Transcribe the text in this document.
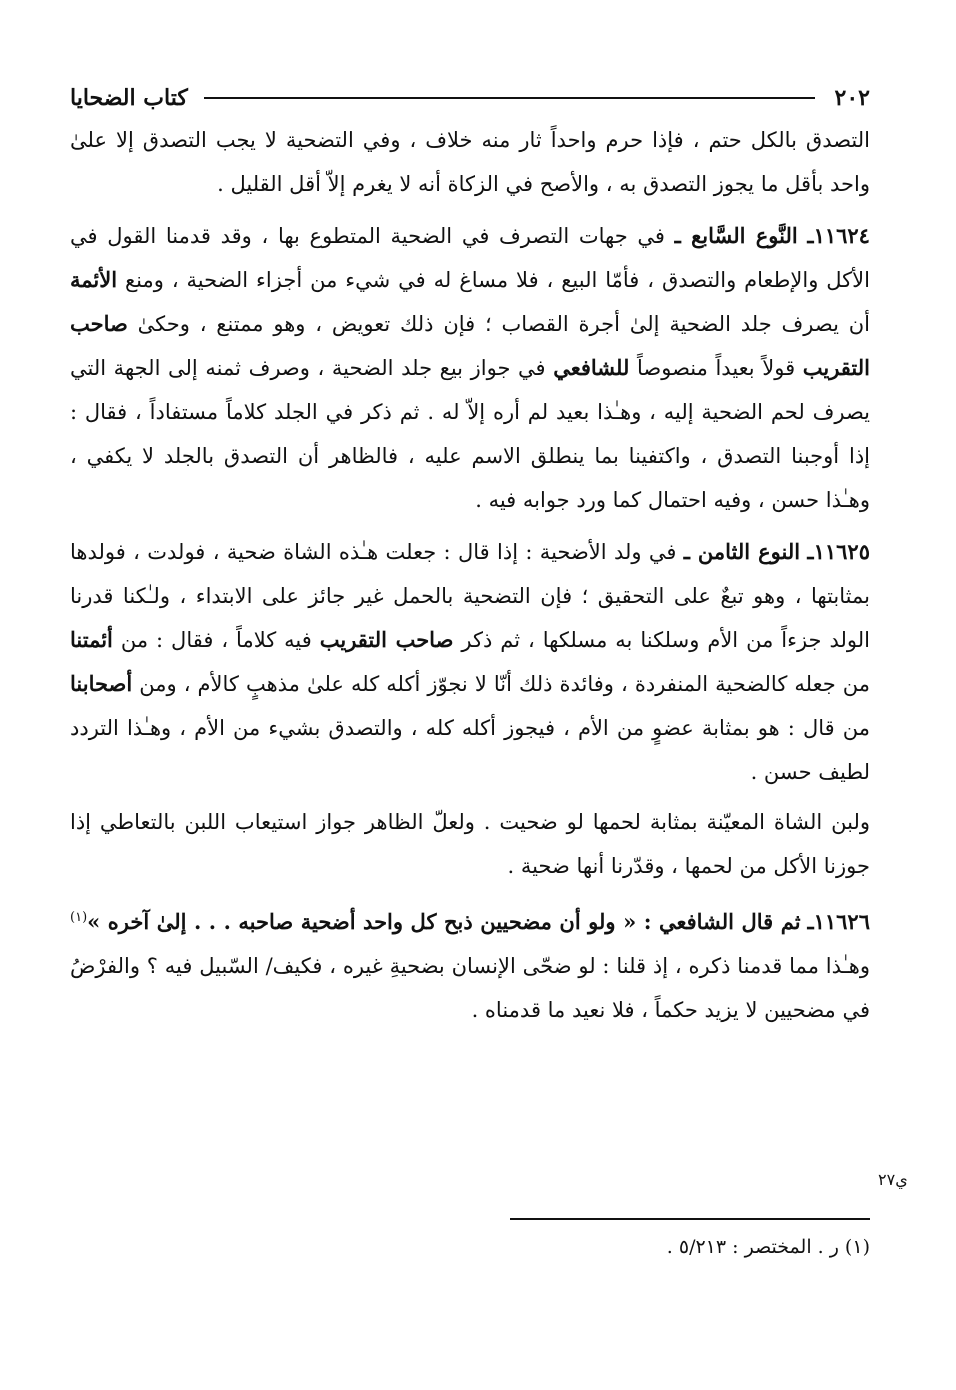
٢٠٢
كتاب الضحايا

التصدق بالكل حتم ، فإذا حرم واحداً ثار منه خلاف ، وفي التضحية لا يجب التصدق إلا علىٰ واحد بأقل ما يجوز التصدق به ، والأصح في الزكاة أنه لا يغرم إلاّ أقل القليل .

١١٦٢٤ـ النَّوع السَّابع ـ في جهات التصرف في الضحية المتطوع بها ، وقد قدمنا القول في الأكل والإطعام والتصدق ، فأمّا البيع ، فلا مساغ له في شيء من أجزاء الضحية ، ومنع الأئمة أن يصرف جلد الضحية إلىٰ أجرة القصاب ؛ فإن ذلك تعويض ، وهو ممتنع ، وحكىٰ صاحب التقريب قولاً بعيداً منصوصاً للشافعي في جواز بيع جلد الضحية ، وصرف ثمنه إلى الجهة التي يصرف لحم الضحية إليه ، وهـٰذا بعيد لم أره إلاّ له . ثم ذكر في الجلد كلاماً مستفاداً ، فقال : إذا أوجبنا التصدق ، واكتفينا بما ينطلق الاسم عليه ، فالظاهر أن التصدق بالجلد لا يكفي ، وهـٰذا حسن ، وفيه احتمال كما ورد جوابه فيه .

١١٦٢٥ـ النوع الثامن ـ في ولد الأضحية : إذا قال : جعلت هـٰذه الشاة ضحية ، فولدت ، فولدها بمثابتها ، وهو تبعٌ على التحقيق ؛ فإن التضحية بالحمل غير جائز على الابتداء ، ولـٰكنا قدرنا الولد جزءاً من الأم وسلكنا به مسلكها ، ثم ذكر صاحب التقريب فيه كلاماً ، فقال : من أئمتنا من جعله كالضحية المنفردة ، وفائدة ذلك أنّا لا نجوّز أكله كله علىٰ مذهبٍ كالأم ، ومن أصحابنا من قال : هو بمثابة عضوٍ من الأم ، فيجوز أكله كله ، والتصدق بشيء من الأم ، وهـٰذا التردد لطيف حسن .

ولبن الشاة المعيّنة بمثابة لحمها لو ضحيت . ولعلّ الظاهر جواز استيعاب اللبن بالتعاطي إذا جوزنا الأكل من لحمها ، وقدّرنا أنها ضحية .

١١٦٢٦ـ ثم قال الشافعي : « ولو أن مضحيين ذبح كل واحد أضحية صاحبه . . . إلىٰ آخره »$^{(١)}$ وهـٰذا مما قدمنا ذكره ، إذ قلنا : لو ضحّى الإنسان بضحيةِ غيره ، فكيف/ السّبيل فيه ؟ والفرْضُ في مضحيين لا يزيد حكماً ، فلا نعيد ما قدمناه .

ي٢٧
(١) ر . المختصر : ٥/٢١٣ .
